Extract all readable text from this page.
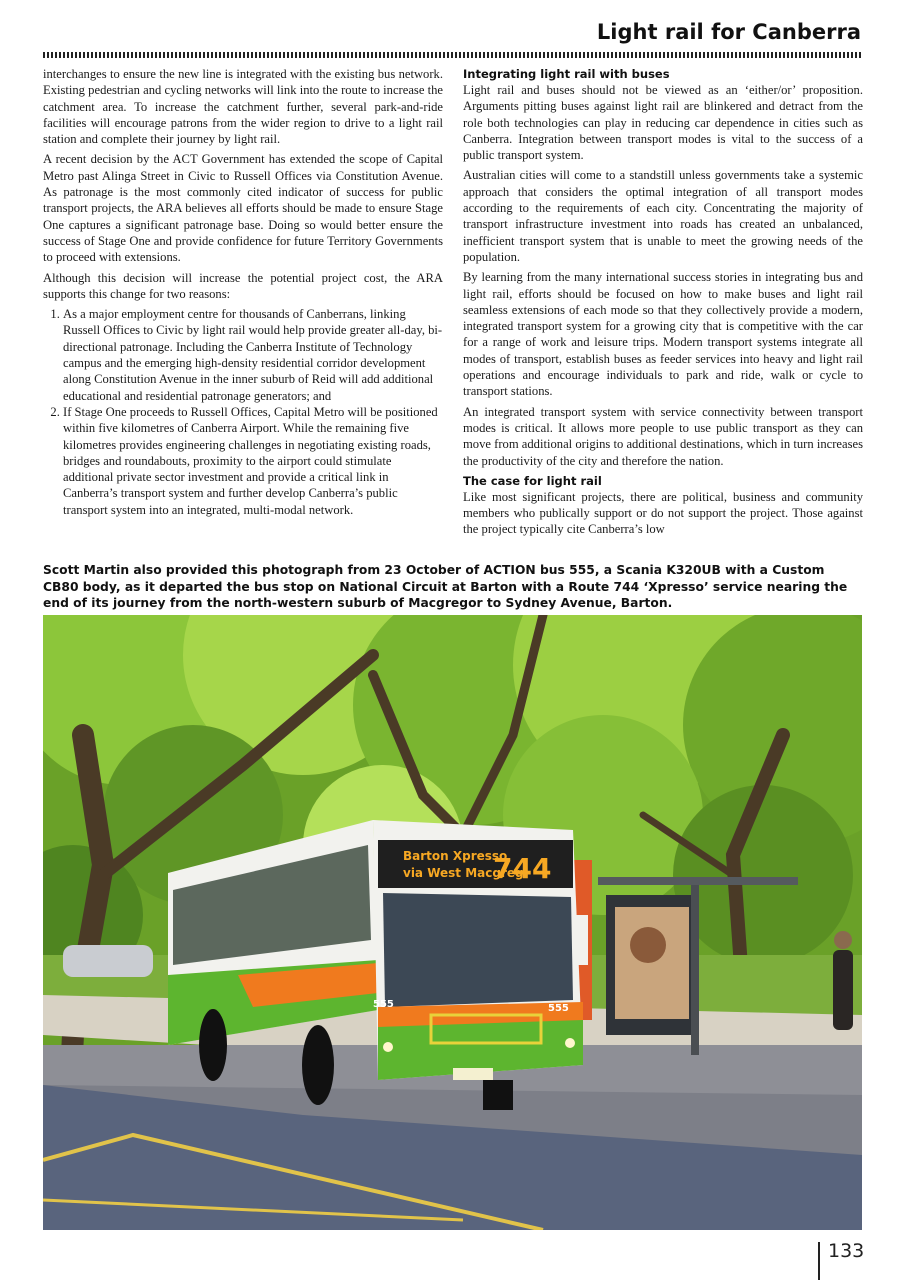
Light rail for Canberra

interchanges to ensure the new line is integrated with the existing bus network. Existing pedestrian and cycling networks will link into the route to increase the catchment area. To increase the catchment further, several park-and-ride facilities will encourage patrons from the wider region to drive to a light rail station and complete their journey by light rail.

A recent decision by the ACT Government has extended the scope of Capital Metro past Alinga Street in Civic to Russell Offices via Constitution Avenue. As patronage is the most commonly cited indicator of success for public transport projects, the ARA believes all efforts should be made to ensure Stage One captures a significant patronage base. Doing so would better ensure the success of Stage One and provide confidence for future Territory Governments to proceed with extensions.

Although this decision will increase the potential project cost, the ARA supports this change for two reasons:

1. As a major employment centre for thousands of Canberrans, linking Russell Offices to Civic by light rail would help provide greater all-day, bi-directional patronage. Including the Canberra Institute of Technology campus and the emerging high-density residential corridor development along Constitution Avenue in the inner suburb of Reid will add additional educational and residential patronage generators; and
2. If Stage One proceeds to Russell Offices, Capital Metro will be positioned within five kilometres of Canberra Airport. While the remaining five kilometres provides engineering challenges in negotiating existing roads, bridges and roundabouts, proximity to the airport could stimulate additional private sector investment and provide a critical link in Canberra’s transport system and further develop Canberra’s public transport system into an integrated, multi-modal network.
Integrating light rail with buses

Light rail and buses should not be viewed as an ‘either/or’ proposition. Arguments pitting buses against light rail are blinkered and detract from the role both technologies can play in reducing car dependence in cities such as Canberra. Integration between transport modes is vital to the success of a public transport system.

Australian cities will come to a standstill unless governments take a systemic approach that considers the optimal integration of all transport modes according to the requirements of each city. Concentrating the majority of transport infrastructure investment into roads has created an unbalanced, inefficient transport system that is unable to meet the growing needs of the population.

By learning from the many international success stories in integrating bus and light rail, efforts should be focused on how to make buses and light rail seamless extensions of each mode so that they collectively provide a modern, integrated transport system for a growing city that is competitive with the car for a range of work and leisure trips. Modern transport systems integrate all modes of transport, establish buses as feeder services into heavy and light rail operations and encourage individuals to park and ride, walk or cycle to transport stations.

An integrated transport system with service connectivity between transport modes is critical. It allows more people to use public transport as they can move from additional origins to additional destinations, which in turn increases the productivity of the city and therefore the nation.

The case for light rail

Like most significant projects, there are political, business and community members who publically support or do not support the project. Those against the project typically cite Canberra’s low

Scott Martin also provided this photograph from 23 October of ACTION bus 555, a Scania K320UB with a Custom CB80 body, as it departed the bus stop on National Circuit at Barton with a Route 744 ‘Xpresso’ service nearing the end of its journey from the north-western suburb of Macgregor to Sydney Avenue, Barton.

Barton Xpresso
via West Macgreg
744
555	555
133
